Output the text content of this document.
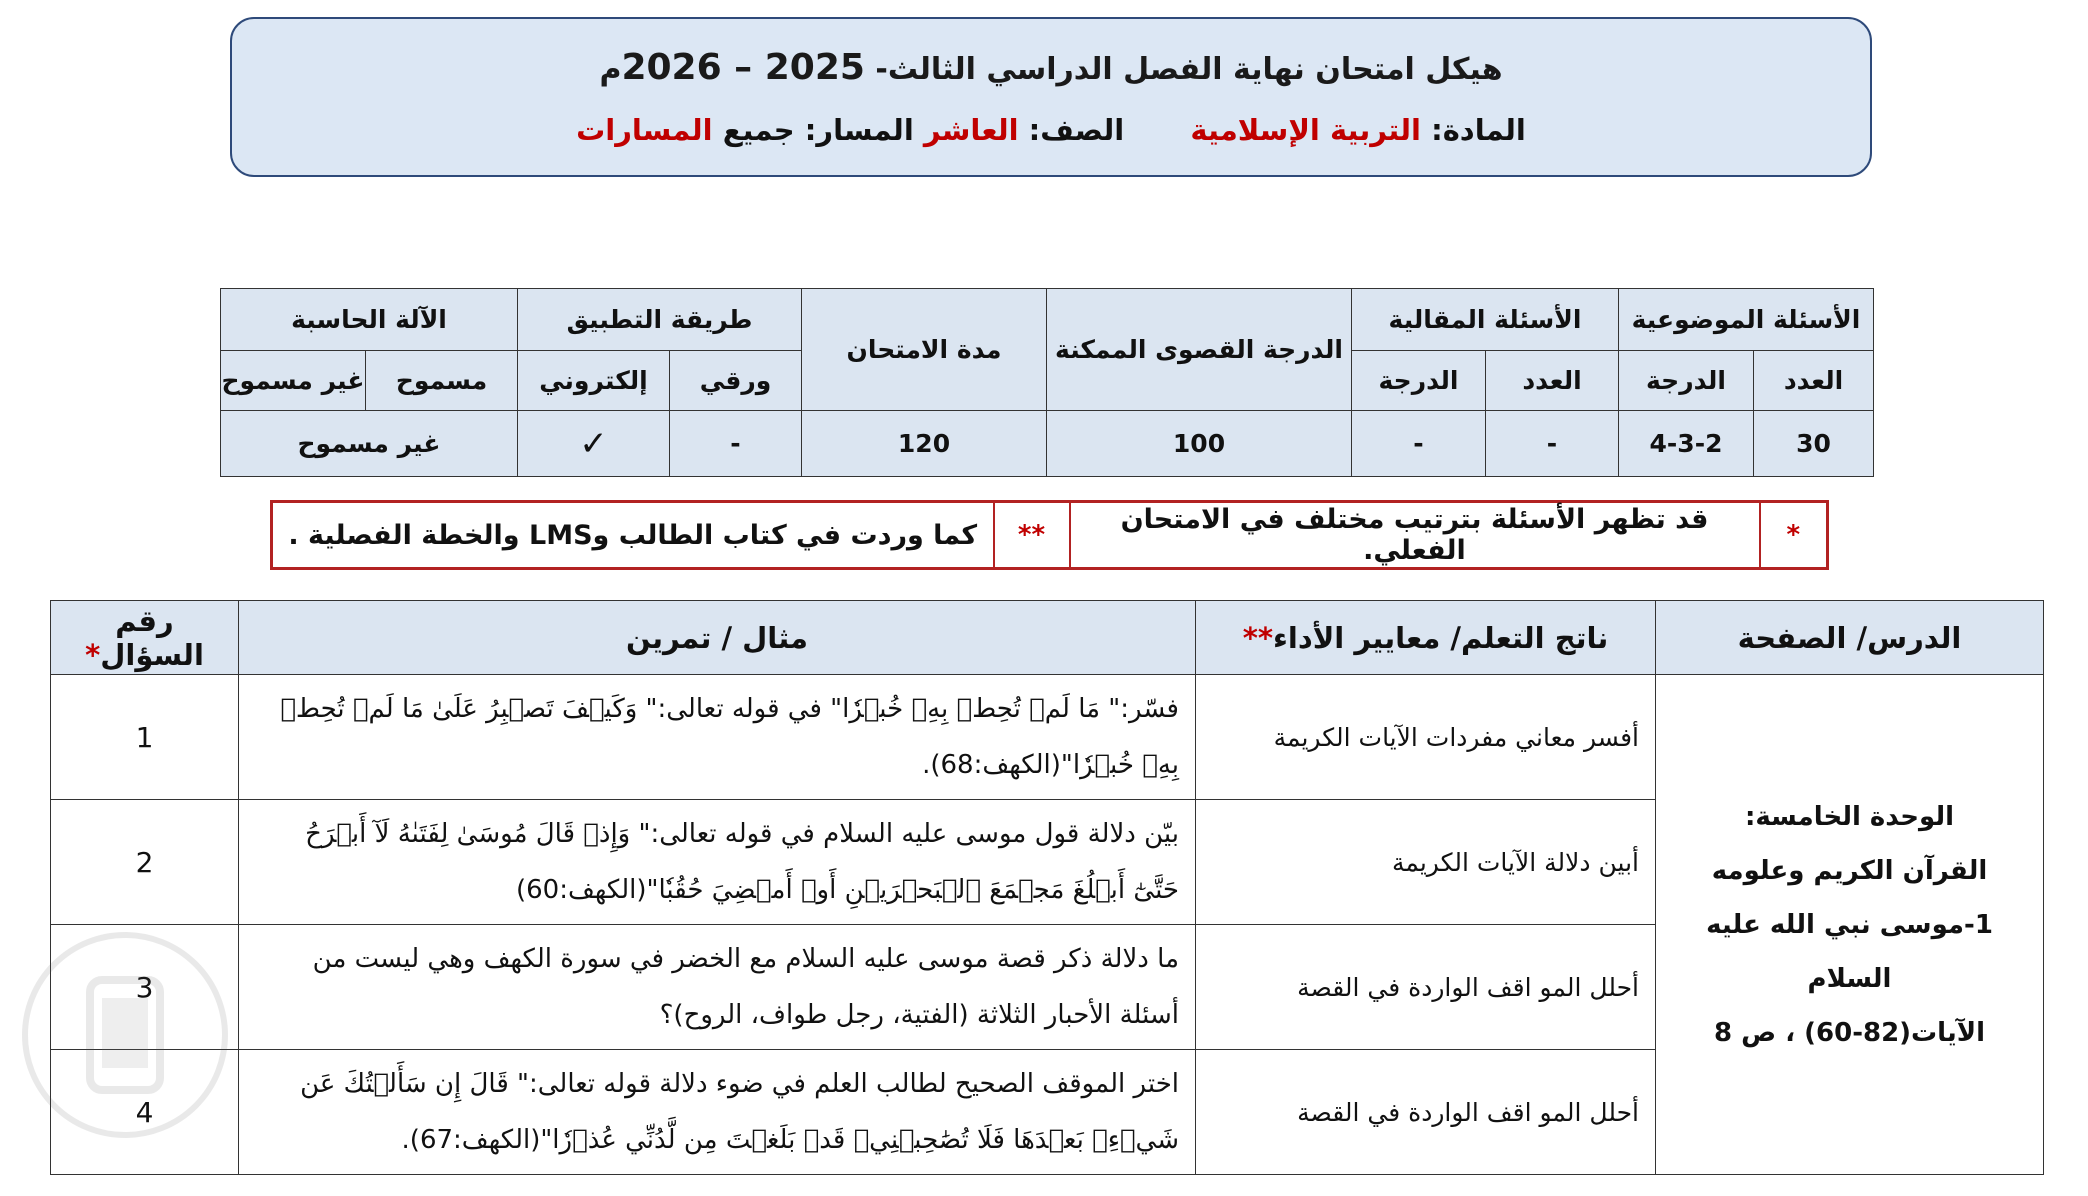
هيكل امتحان نهاية الفصل الدراسي الثالث- 2025 – 2026م
المادة: التربية الإسلامية  الصف: العاشر المسار: جميع المسارات
الأسئلة الموضوعية		الأسئلة المقالية		الدرجة القصوى الممكنة	مدة الامتحان	طريقة التطبيق		الآلة الحاسبة	
العدد	الدرجة	العدد	الدرجة			ورقي	إلكتروني	مسموح	غير مسموح
30	4-3-2	-	-	100	120	-	✓	غير مسموح	
*	قد تظهر الأسئلة بترتيب مختلف في الامتحان الفعلي.	**	كما وردت في كتاب الطالب وLMS والخطة الفصلية .
الدرس/ الصفحة	ناتج التعلم/ معايير الأداء**	مثال / تمرين	رقم السؤال*

الوحدة الخامسة:
القرآن الكريم وعلومه
1-موسى نبي الله عليه السلام
الآيات(82-60) ، ص 8	أفسر معاني مفردات الآيات الكريمة	فسّر:" مَا لَمۡ تُحِطۡ بِهِۦ خُبۡرٗا" في قوله تعالى:" وَكَيۡفَ تَصۡبِرُ عَلَىٰ مَا لَمۡ تُحِطۡ بِهِۦ خُبۡرٗا"(الكهف:68).	1
	أبين دلالة الآيات الكريمة	بيّن دلالة قول موسى عليه السلام في قوله تعالى:" وَإِذۡ قَالَ مُوسَىٰ لِفَتَىٰهُ لَآ أَبۡرَحُ حَتَّىٰٓ أَبۡلُغَ مَجۡمَعَ ٱلۡبَحۡرَيۡنِ أَوۡ أَمۡضِيَ حُقُبٗا"(الكهف:60)	2
	أحلل المو اقف الواردة في القصة	ما دلالة ذكر قصة موسى عليه السلام مع الخضر في سورة الكهف وهي ليست من أسئلة الأحبار الثلاثة (الفتية، رجل طواف، الروح)؟	3
	أحلل المو اقف الواردة في القصة	اختر الموقف الصحيح لطالب العلم في ضوء دلالة قوله تعالى:" قَالَ إِن سَأَلۡتُكَ عَن شَيۡءِۭ بَعۡدَهَا فَلَا تُصَٰحِبۡنِيۖ قَدۡ بَلَغۡتَ مِن لَّدُنِّي عُذۡرٗا"(الكهف:67).	4
